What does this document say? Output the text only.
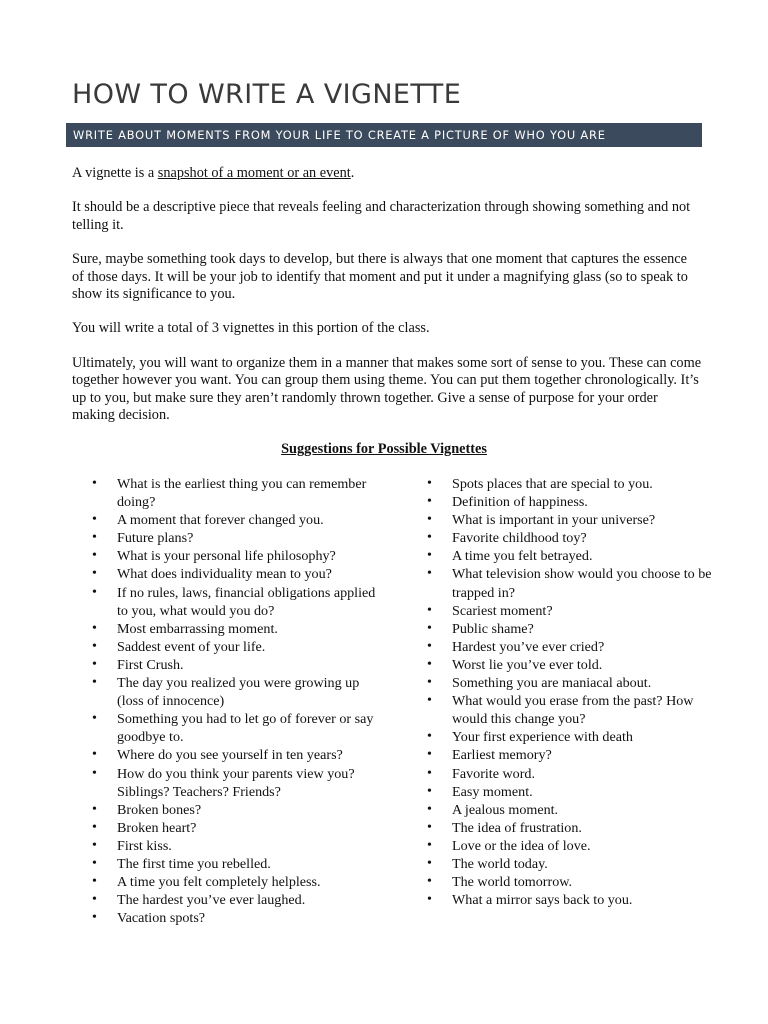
HOW TO WRITE A VIGNETTE
WRITE ABOUT MOMENTS FROM YOUR LIFE TO CREATE A PICTURE OF WHO YOU ARE

A vignette is a snapshot of a moment or an event.

It should be a descriptive piece that reveals feeling and characterization through showing something and not telling it.

Sure, maybe something took days to develop, but there is always that one moment that captures the essence of those days. It will be your job to identify that moment and put it under a magnifying glass (so to speak to show its significance to you.

You will write a total of 3 vignettes in this portion of the class.

Ultimately, you will want to organize them in a manner that makes some sort of sense to you. These can come together however you want. You can group them using theme. You can put them together chronologically. It’s up to you, but make sure they aren’t randomly thrown together. Give a sense of purpose for your order making decision.

Suggestions for Possible Vignettes
• What is the earliest thing you can remember doing?
• A moment that forever changed you.
• Future plans?
• What is your personal life philosophy?
• What does individuality mean to you?
• If no rules, laws, financial obligations applied to you, what would you do?
• Most embarrassing moment.
• Saddest event of your life.
• First Crush.
• The day you realized you were growing up (loss of innocence)
• Something you had to let go of forever or say goodbye to.
• Where do you see yourself in ten years?
• How do you think your parents view you? Siblings? Teachers? Friends?
• Broken bones?
• Broken heart?
• First kiss.
• The first time you rebelled.
• A time you felt completely helpless.
• The hardest you’ve ever laughed.
• Vacation spots?
• Spots places that are special to you.
• Definition of happiness.
• What is important in your universe?
• Favorite childhood toy?
• A time you felt betrayed.
• What television show would you choose to be trapped in?
• Scariest moment?
• Public shame?
• Hardest you’ve ever cried?
• Worst lie you’ve ever told.
• Something you are maniacal about.
• What would you erase from the past? How would this change you?
• Your first experience with death
• Earliest memory?
• Favorite word.
• Easy moment.
• A jealous moment.
• The idea of frustration.
• Love or the idea of love.
• The world today.
• The world tomorrow.
• What a mirror says back to you.
